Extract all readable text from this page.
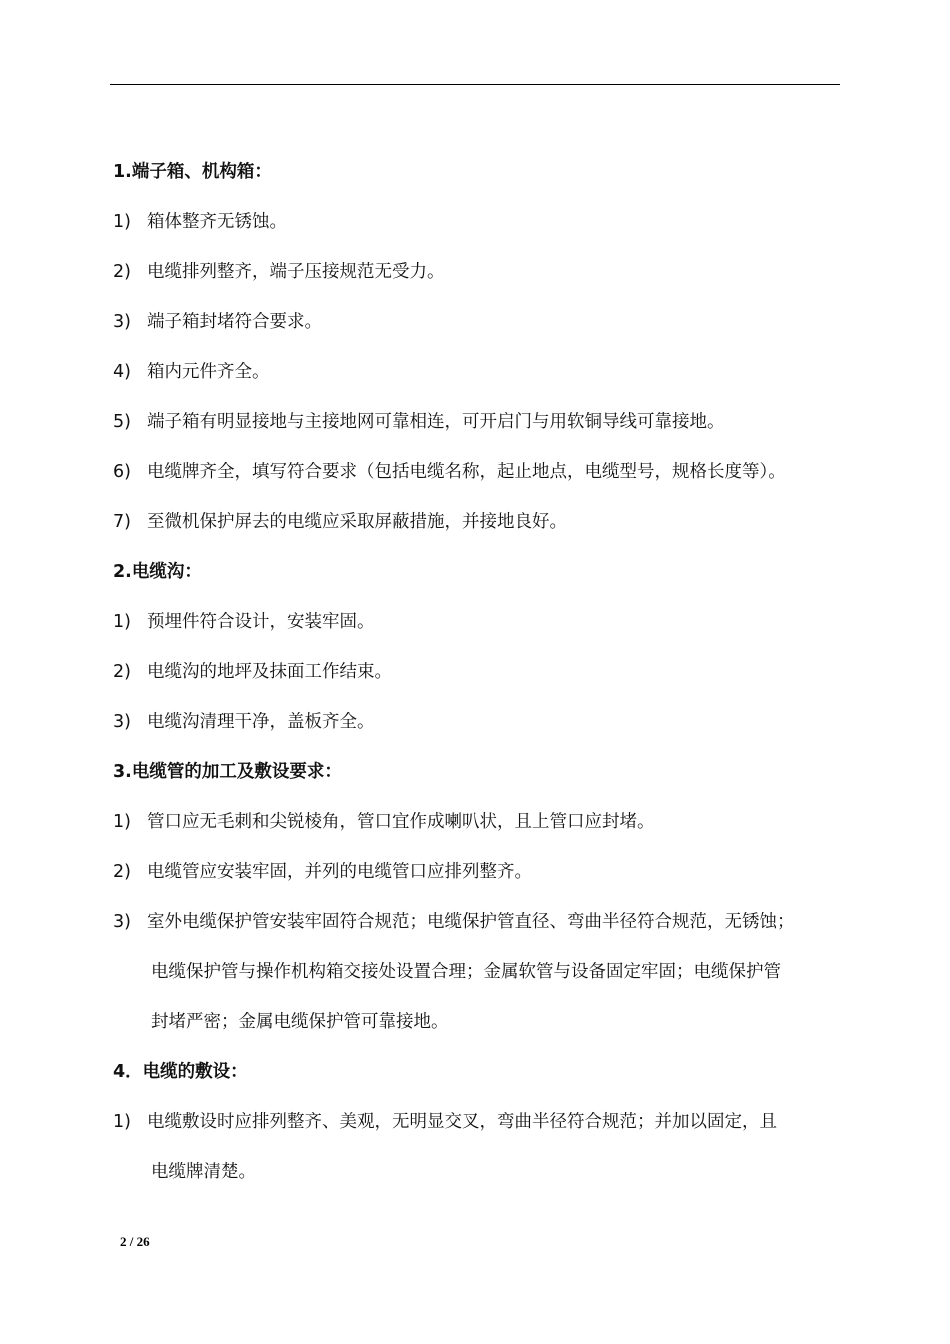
1.端子箱、机构箱：
1) 箱体整齐无锈蚀。
2) 电缆排列整齐，端子压接规范无受力。
3) 端子箱封堵符合要求。
4) 箱内元件齐全。
5) 端子箱有明显接地与主接地网可靠相连，可开启门与用软铜导线可靠接地。
6) 电缆牌齐全，填写符合要求（包括电缆名称，起止地点，电缆型号，规格长度等）。
7) 至微机保护屏去的电缆应采取屏蔽措施，并接地良好。
2.电缆沟：
1) 预埋件符合设计，安装牢固。
2) 电缆沟的地坪及抹面工作结束。
3) 电缆沟清理干净，盖板齐全。
3.电缆管的加工及敷设要求：
1) 管口应无毛刺和尖锐棱角，管口宜作成喇叭状，且上管口应封堵。
2) 电缆管应安装牢固，并列的电缆管口应排列整齐。
3) 室外电缆保护管安装牢固符合规范；电缆保护管直径、弯曲半径符合规范，无锈蚀；
电缆保护管与操作机构箱交接处设置合理；金属软管与设备固定牢固；电缆保护管
封堵严密；金属电缆保护管可靠接地。
4．电缆的敷设：
1) 电缆敷设时应排列整齐、美观，无明显交叉，弯曲半径符合规范；并加以固定，且
电缆牌清楚。
2 / 26
